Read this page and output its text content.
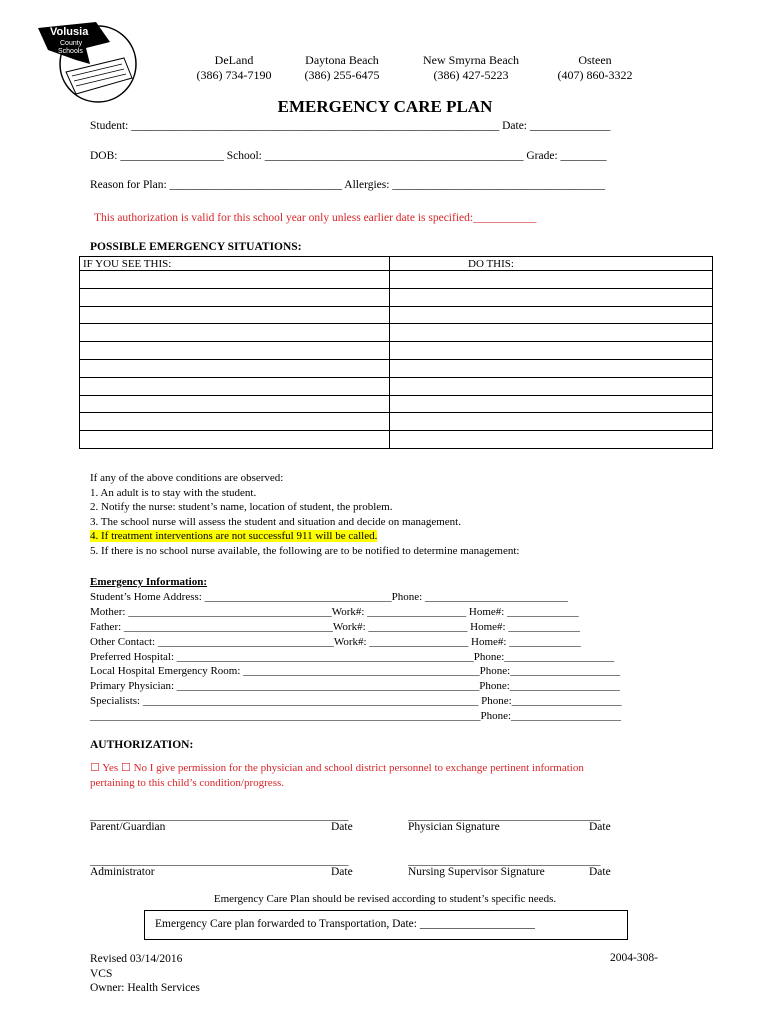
Volusia
County
Schools
DeLand
(386) 734-7190
Daytona Beach
(386) 255-6475
New Smyrna Beach
(386) 427-5223
Osteen
(407) 860-3322
EMERGENCY CARE PLAN
Student: ________________________________________________________________ Date: ______________
DOB: __________________ School: _____________________________________________ Grade: ________
Reason for Plan: ______________________________ Allergies: _____________________________________
This authorization is valid for this school year only unless earlier date is specified:___________
POSSIBLE EMERGENCY SITUATIONS:
IF YOU SEE THIS:	DO THIS:

If any of the above conditions are observed:
1. An adult is to stay with the student.
2. Notify the nurse: student’s name, location of student, the problem.
3. The school nurse will assess the student and situation and decide on management.
4. If treatment interventions are not successful 911 will be called.
5. If there is no school nurse available, the following are to be notified to determine management:
Emergency Information:
Student’s Home Address: __________________________________Phone: __________________________
Mother: _____________________________________Work#: __________________ Home#: _____________
Father: ______________________________________Work#: __________________ Home#: _____________
Other Contact: ________________________________Work#: __________________ Home#: _____________
Preferred Hospital: ______________________________________________________Phone:____________________
Local Hospital Emergency Room: ___________________________________________Phone:____________________
Primary Physician: _______________________________________________________Phone:____________________
Specialists: _____________________________________________________________ Phone:____________________
_______________________________________________________________________Phone:____________________
AUTHORIZATION:
☐ Yes ☐ No I give permission for the physician and school district personnel to exchange pertinent information
pertaining to this child’s condition/progress.
_______________________________________________
Parent/Guardian	Date
___________________________________
Physician Signature	Date
_______________________________________________
Administrator	Date
___________________________________
Nursing Supervisor Signature	Date
Emergency Care Plan should be revised according to student’s specific needs.
Emergency Care plan forwarded to Transportation, Date: ____________________
Revised 03/14/2016
VCS
Owner: Health Services
2004-308-
